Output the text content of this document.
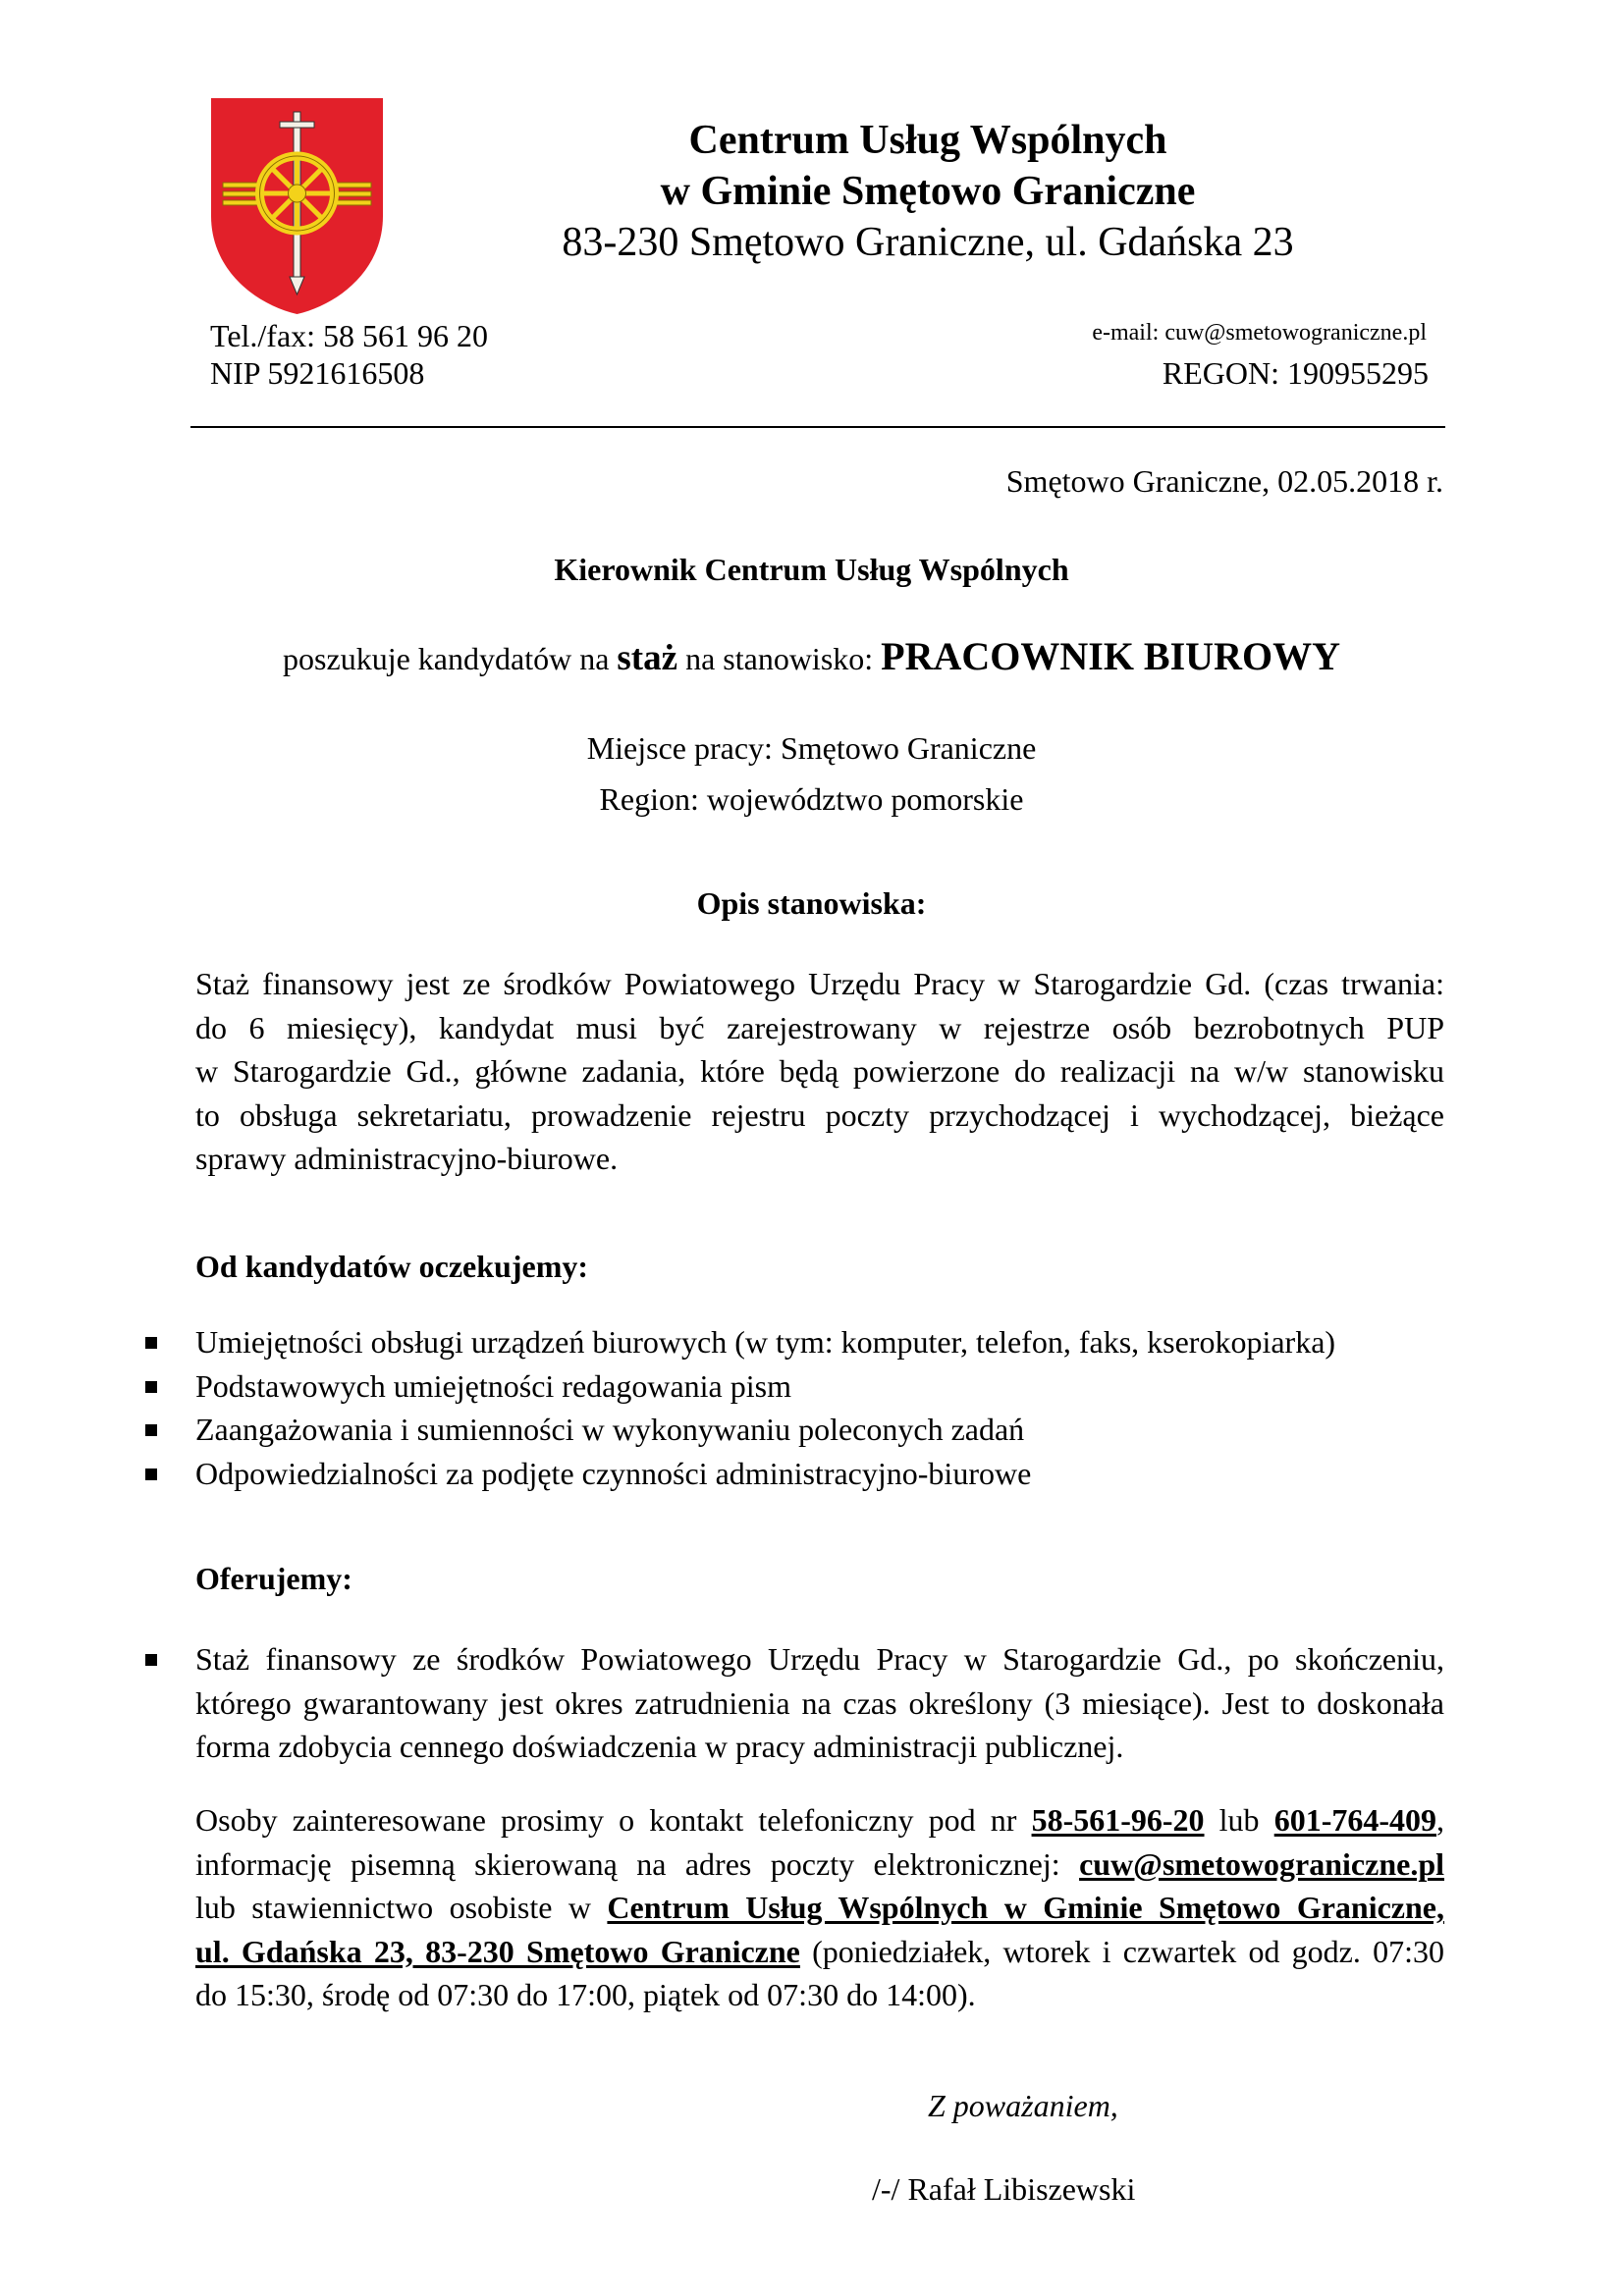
Centrum Usług Wspólnych
w Gminie Smętowo Graniczne
83-230 Smętowo Graniczne, ul. Gdańska 23
Tel./fax: 58 561 96 20
NIP 5921616508
e-mail: cuw@smetowograniczne.pl
REGON: 190955295
Smętowo Graniczne, 02.05.2018 r.
Kierownik Centrum Usług Wspólnych
poszukuje kandydatów na staż na stanowisko: PRACOWNIK BIUROWY
Miejsce pracy: Smętowo Graniczne
Region: województwo pomorskie
Opis stanowiska:
Staż finansowy jest ze środków Powiatowego Urzędu Pracy w Starogardzie Gd. (czas trwania:
do 6 miesięcy), kandydat musi być zarejestrowany w rejestrze osób bezrobotnych PUP
w Starogardzie Gd., główne zadania, które będą powierzone do realizacji na w/w stanowisku
to obsługa sekretariatu, prowadzenie rejestru poczty przychodzącej i wychodzącej, bieżące
sprawy administracyjno-biurowe.
Od kandydatów oczekujemy:
Umiejętności obsługi urządzeń biurowych (w tym: komputer, telefon, faks, kserokopiarka)
Podstawowych umiejętności redagowania pism
Zaangażowania i sumienności w wykonywaniu poleconych zadań
Odpowiedzialności za podjęte czynności administracyjno-biurowe
Oferujemy:
Staż finansowy ze środków Powiatowego Urzędu Pracy w Starogardzie Gd., po skończeniu,
którego gwarantowany jest okres zatrudnienia na czas określony (3 miesiące). Jest to doskonała
forma zdobycia cennego doświadczenia w pracy administracji publicznej.
Osoby zainteresowane prosimy o kontakt telefoniczny pod nr 58-561-96-20 lub 601-764-409,
informację pisemną skierowaną na adres poczty elektronicznej: cuw@smetowograniczne.pl
lub stawiennictwo osobiste w Centrum Usług Wspólnych w Gminie Smętowo Graniczne,
ul. Gdańska 23, 83-230 Smętowo Graniczne (poniedziałek, wtorek i czwartek od godz. 07:30
do 15:30, środę od 07:30 do 17:00, piątek od 07:30 do 14:00).
Z poważaniem,
/-/ Rafał Libiszewski
